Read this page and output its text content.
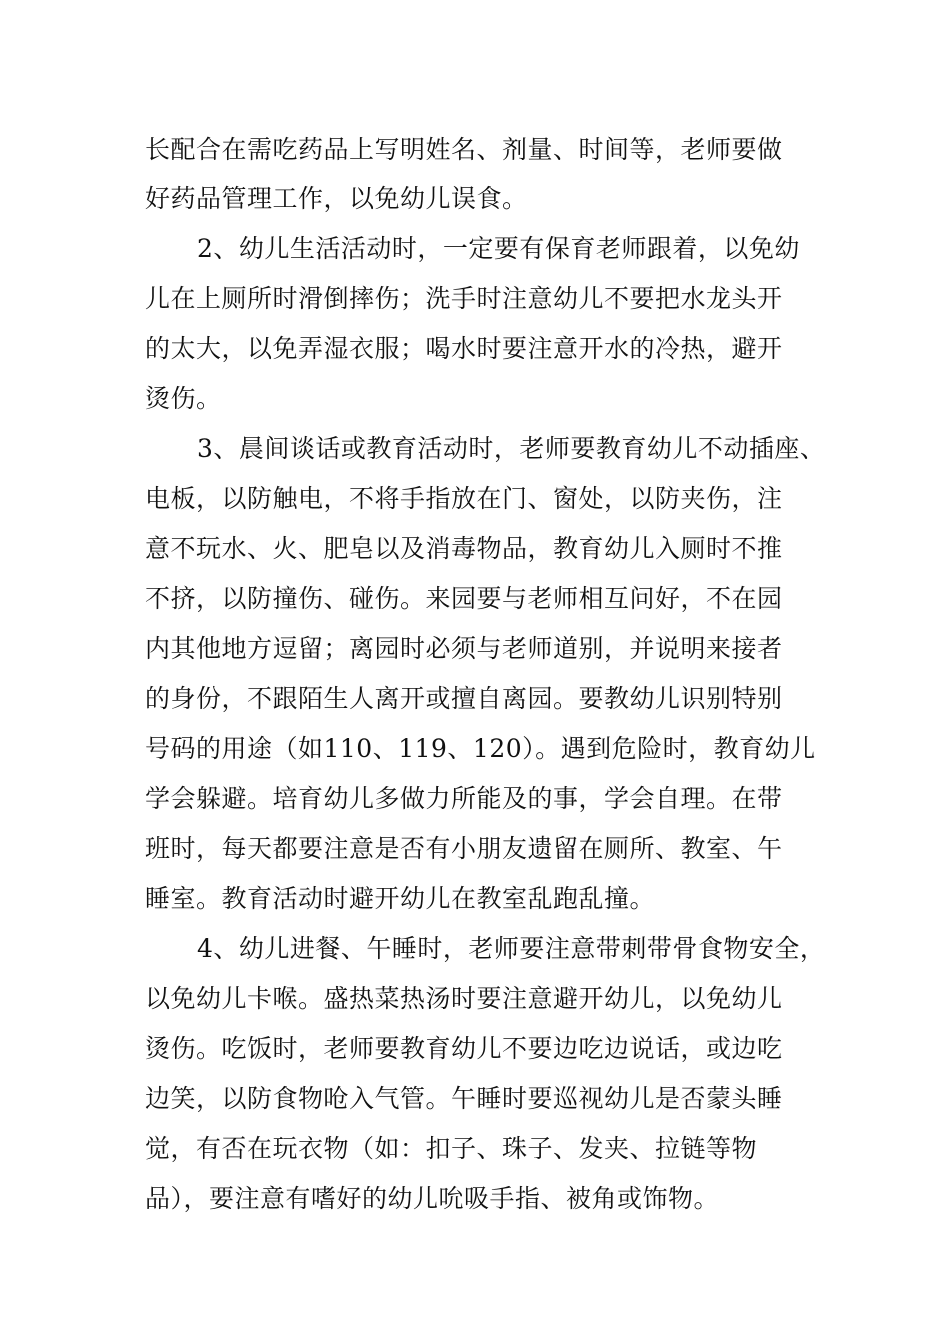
长配合在需吃药品上写明姓名、剂量、时间等，老师要做
好药品管理工作，以免幼儿误食。
2、幼儿生活活动时，一定要有保育老师跟着，以免幼
儿在上厕所时滑倒摔伤；洗手时注意幼儿不要把水龙头开
的太大，以免弄湿衣服；喝水时要注意开水的冷热，避开
烫伤。
3、晨间谈话或教育活动时，老师要教育幼儿不动插座、
电板，以防触电，不将手指放在门、窗处，以防夹伤，注
意不玩水、火、肥皂以及消毒物品，教育幼儿入厕时不推
不挤，以防撞伤、碰伤。来园要与老师相互问好，不在园
内其他地方逗留；离园时必须与老师道别，并说明来接者
的身份，不跟陌生人离开或擅自离园。要教幼儿识别特别
号码的用途（如110、119、120）。遇到危险时，教育幼儿
学会躲避。培育幼儿多做力所能及的事，学会自理。在带
班时，每天都要注意是否有小朋友遗留在厕所、教室、午
睡室。教育活动时避开幼儿在教室乱跑乱撞。
4、幼儿进餐、午睡时，老师要注意带刺带骨食物安全，
以免幼儿卡喉。盛热菜热汤时要注意避开幼儿，以免幼儿
烫伤。吃饭时，老师要教育幼儿不要边吃边说话，或边吃
边笑，以防食物呛入气管。午睡时要巡视幼儿是否蒙头睡
觉，有否在玩衣物（如：扣子、珠子、发夹、拉链等物
品），要注意有嗜好的幼儿吮吸手指、被角或饰物。
